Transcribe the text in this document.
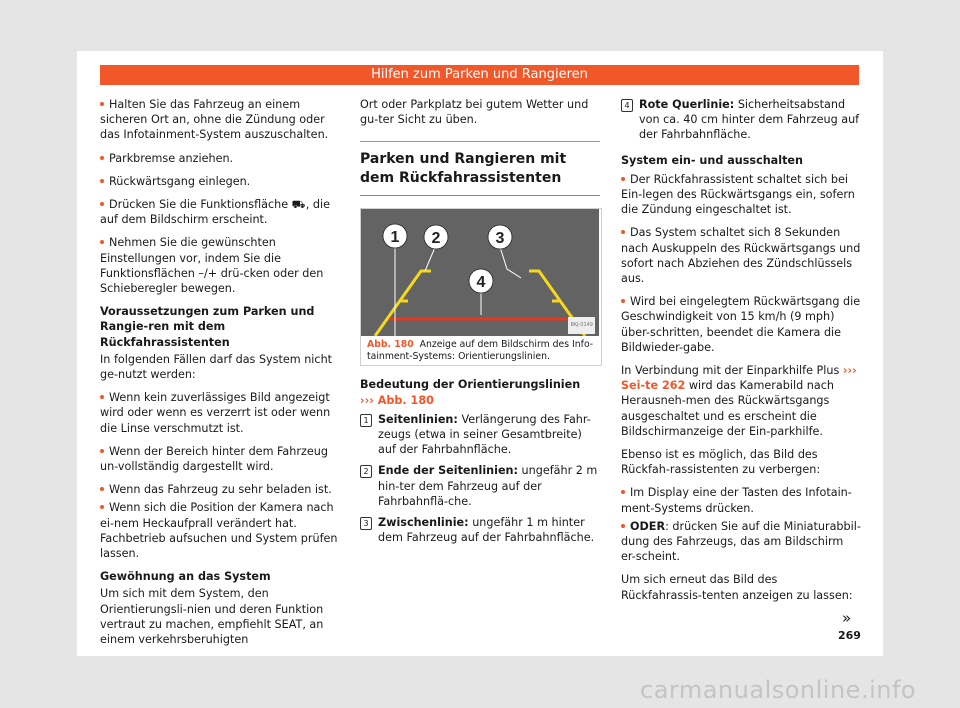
Hilfen zum Parken und Rangieren
Halten Sie das Fahrzeug an einem sicheren Ort an, ohne die Zündung oder das Infotainment-System auszuschalten.
Parkbremse anziehen.
Rückwärtsgang einlegen.
Drücken Sie die Funktionsfläche ⛟, die auf dem Bildschirm erscheint.
Nehmen Sie die gewünschten Einstellungen vor, indem Sie die Funktionsflächen –/+ drü-cken oder den Schieberegler bewegen.
Voraussetzungen zum Parken und Rangie-ren mit dem Rückfahrassistenten
In folgenden Fällen darf das System nicht ge-nutzt werden:
Wenn kein zuverlässiges Bild angezeigt wird oder wenn es verzerrt ist oder wenn die Linse verschmutzt ist.
Wenn der Bereich hinter dem Fahrzeug un-vollständig dargestellt wird.
Wenn das Fahrzeug zu sehr beladen ist.
Wenn sich die Position der Kamera nach ei-nem Heckaufprall verändert hat. Fachbetrieb aufsuchen und System prüfen lassen.
Gewöhnung an das System
Um sich mit dem System, den Orientierungsli-nien und deren Funktion vertraut zu machen, empfiehlt SEAT, an einem verkehrsberuhigten
Ort oder Parkplatz bei gutem Wetter und gu-ter Sicht zu üben.
Parken und Rangieren mit dem Rückfahrassistenten
1 2	3
4
BKJ-0149
Abb. 180 Anzeige auf dem Bildschirm des Info-tainment-Systems: Orientierungslinien.
Bedeutung der Orientierungslinien
››› Abb. 180
1 Seitenlinien: Verlängerung des Fahr-zeugs (etwa in seiner Gesamtbreite) auf der Fahrbahnfläche.
2 Ende der Seitenlinien: ungefähr 2 m hin-ter dem Fahrzeug auf der Fahrbahnflä-che.
3 Zwischenlinie: ungefähr 1 m hinter dem Fahrzeug auf der Fahrbahnfläche.
4 Rote Querlinie: Sicherheitsabstand von ca. 40 cm hinter dem Fahrzeug auf der Fahrbahnfläche.
System ein- und ausschalten
Der Rückfahrassistent schaltet sich bei Ein-legen des Rückwärtsgangs ein, sofern die Zündung eingeschaltet ist.
Das System schaltet sich 8 Sekunden nach Auskuppeln des Rückwärtsgangs und sofort nach Abziehen des Zündschlüssels aus.
Wird bei eingelegtem Rückwärtsgang die Geschwindigkeit von 15 km/h (9 mph) über-schritten, beendet die Kamera die Bildwieder-gabe.
In Verbindung mit der Einparkhilfe Plus ››› Sei-te 262 wird das Kamerabild nach Herausneh-men des Rückwärtsgangs ausgeschaltet und es erscheint die Bildschirmanzeige der Ein-parkhilfe.
Ebenso ist es möglich, das Bild des Rückfah-rassistenten zu verbergen:
Im Display eine der Tasten des Infotain-ment-Systems drücken.
ODER: drücken Sie auf die Miniaturabbil-dung des Fahrzeugs, das am Bildschirm er-scheint.
Um sich erneut das Bild des Rückfahrassis-tenten anzeigen zu lassen:
»
269
carmanualsonline.info
